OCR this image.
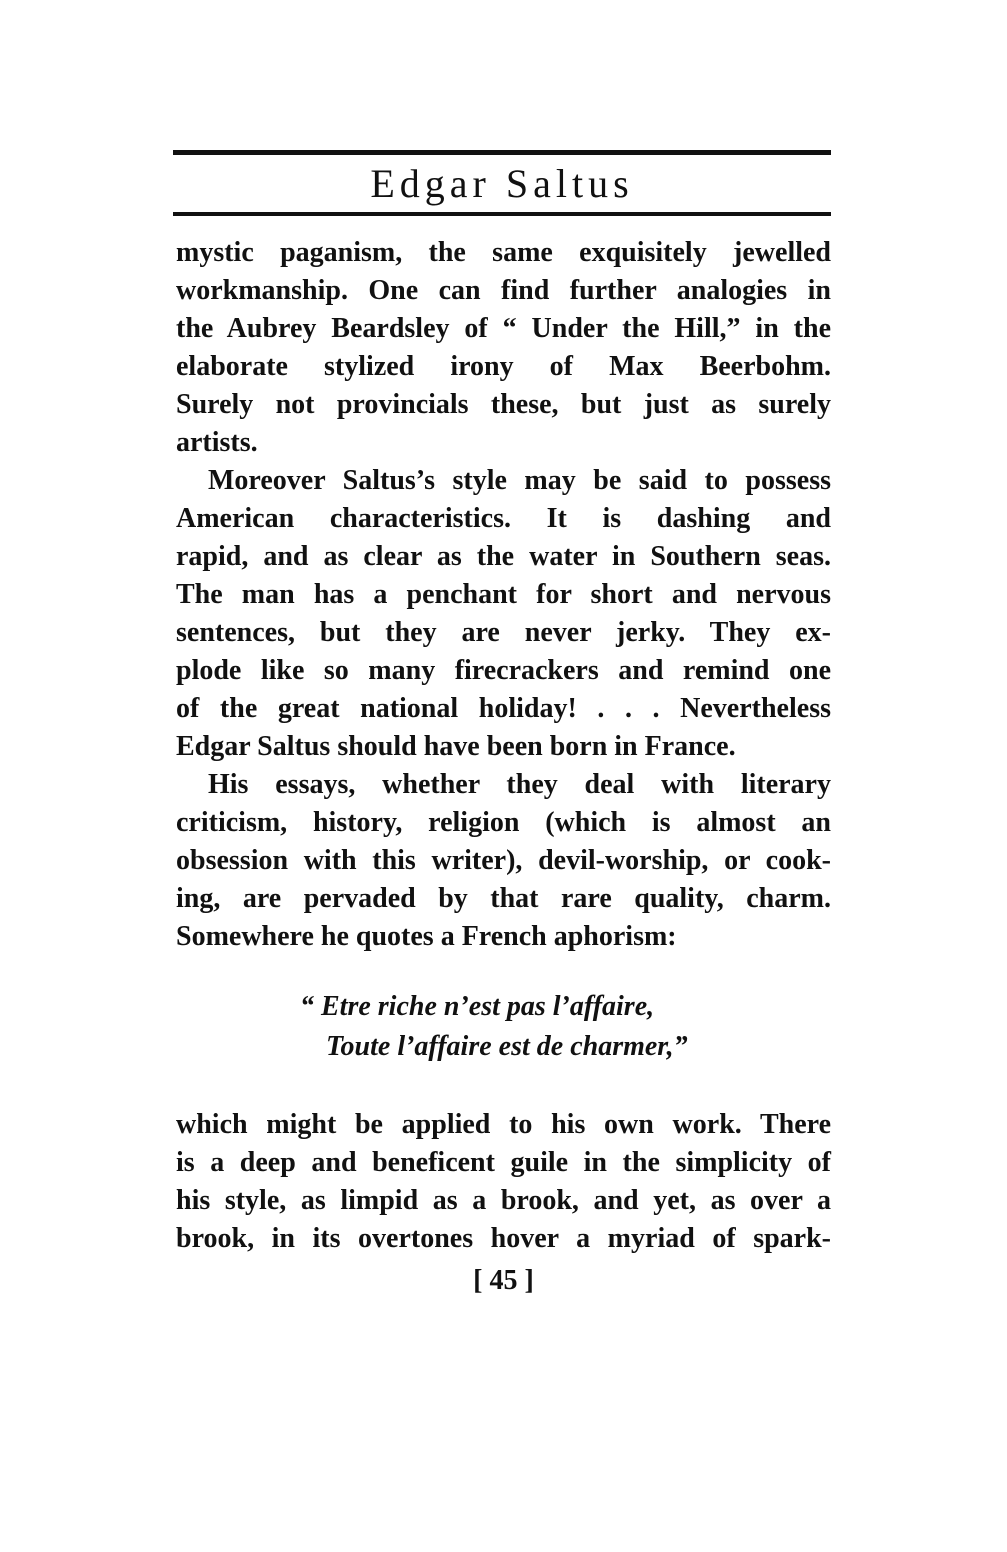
Edgar Saltus
mystic paganism, the same exquisitely jewelled
workmanship. One can find further analogies in
the Aubrey Beardsley of “ Under the Hill,” in the
elaborate stylized irony of Max Beerbohm.
Surely not provincials these, but just as surely
artists.
Moreover Saltus’s style may be said to possess
American characteristics. It is dashing and
rapid, and as clear as the water in Southern seas.
The man has a penchant for short and nervous
sentences, but they are never jerky. They ex-
plode like so many firecrackers and remind one
of the great national holiday! . . . Nevertheless
Edgar Saltus should have been born in France.
His essays, whether they deal with literary
criticism, history, religion (which is almost an
obsession with this writer), devil-worship, or cook-
ing, are pervaded by that rare quality, charm.
Somewhere he quotes a French aphorism:
“ Etre riche n’est pas l’affaire,
Toute l’affaire est de charmer,”
which might be applied to his own work. There
is a deep and beneficent guile in the simplicity of
his style, as limpid as a brook, and yet, as over a
brook, in its overtones hover a myriad of spark-
[ 45 ]
